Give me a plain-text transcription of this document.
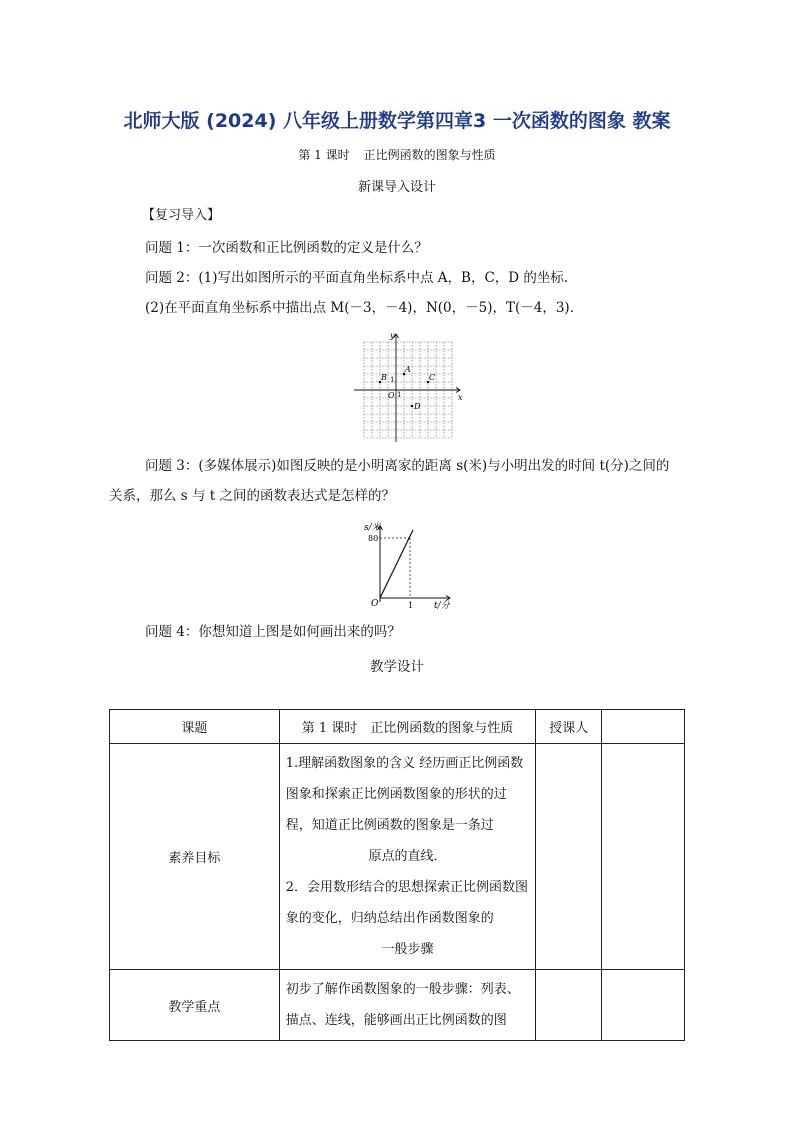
北师大版 (2024) 八年级上册数学第四章3 一次函数的图象 教案
第 1 课时 正比例函数的图象与性质
新课导入设计
【复习导入】
问题 1：一次函数和正比例函数的定义是什么？
问题 2：(1)写出如图所示的平面直角坐标系中点 A，B，C，D 的坐标．
(2)在平面直角坐标系中描出点 M(－3，－4)，N(0，－5)，T(－4，3)．
x
y
O 1
1
A
B	C
D
问题 3：(多媒体展示)如图反映的是小明离家的距离 s(米)与小明出发的时间 t(分)之间的
关系，那么 s 与 t 之间的函数表达式是怎样的？
s/米
t/分
80
1
O
问题 4：你想知道上图是如何画出来的吗？
教学设计
课题	第 1 课时　正比例函数的图象与性质	授课人	
素养目标	1.理解函数图象的含义 经历画正比例函数图象和探索正比例函数图象的形状的过程，知道正比例函数的图象是一条过
原点的直线．
2．会用数形结合的思想探索正比例函数图象的变化，归纳总结出作函数图象的
一般步骤		

教学重点	初步了解作函数图象的一般步骤：列表、描点、连线，能够画出正比例函数的图		
